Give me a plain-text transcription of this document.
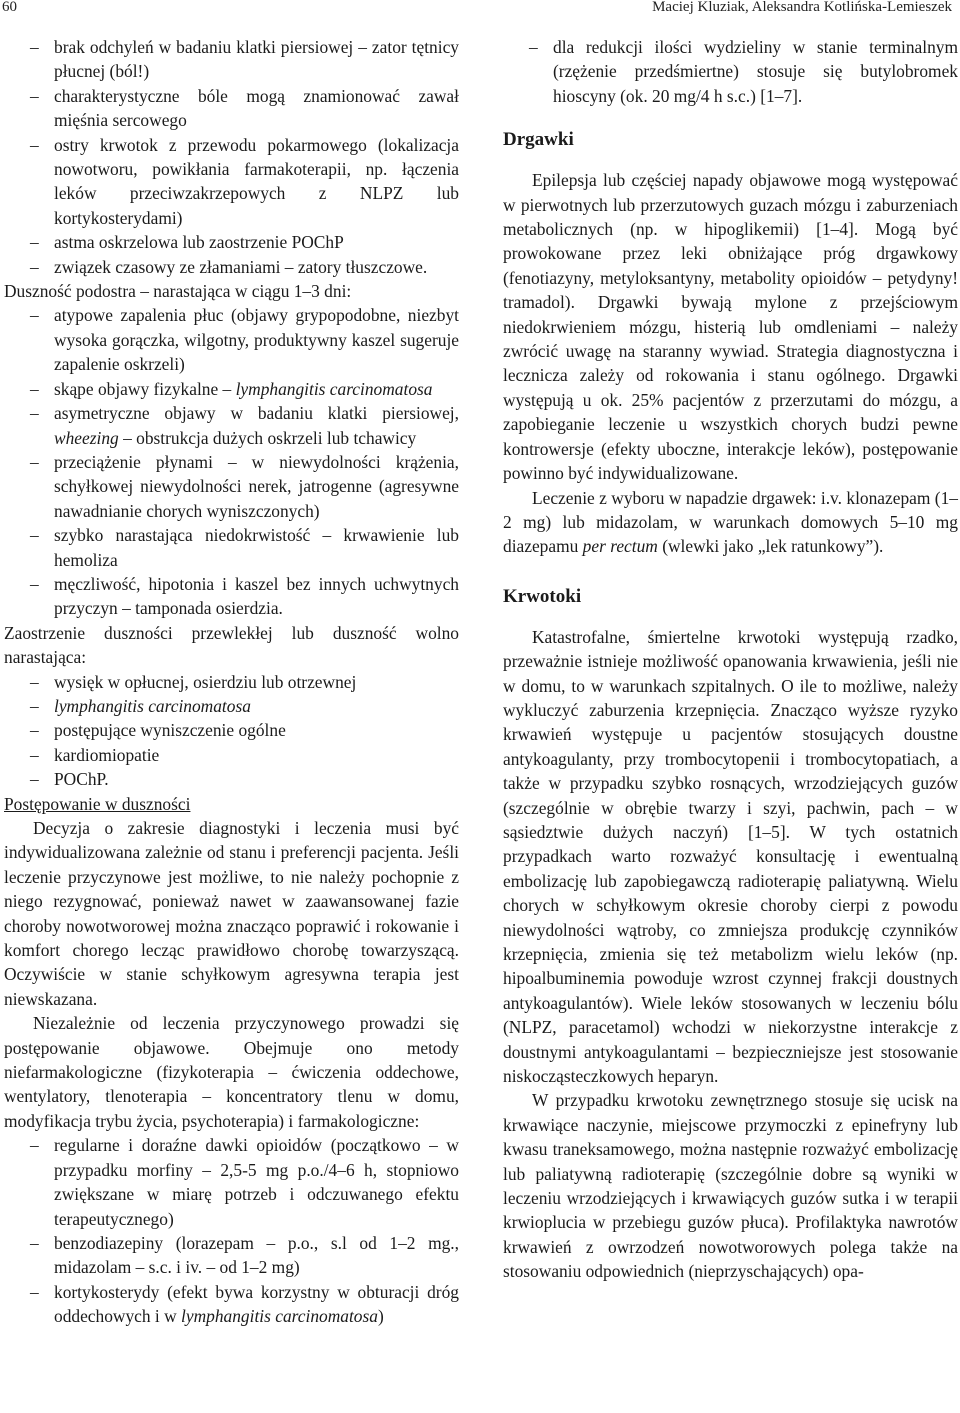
60	Maciej Kluziak, Aleksandra Kotlińska-Lemieszek

– brak odchyleń w badaniu klatki piersiowej – zator tętnicy płucnej (ból!)

– charakterystyczne bóle mogą znamionować zawał mięśnia sercowego

– ostry krwotok z przewodu pokarmowego (lokalizacja nowotworu, powikłania farmakoterapii, np. łączenia leków przeciwzakrzepowych z NLPZ lub kortykosterydami)

– astma oskrzelowa lub zaostrzenie POChP

– związek czasowy ze złamaniami – zatory tłuszczowe.

Duszność podostra – narastająca w ciągu 1–3 dni:

– atypowe zapalenia płuc (objawy grypopodobne, niezbyt wysoka gorączka, wilgotny, produktywny kaszel sugeruje zapalenie oskrzeli)

– skąpe objawy fizykalne – lymphangitis carcinomatosa

– asymetryczne objawy w badaniu klatki piersiowej, wheezing – obstrukcja dużych oskrzeli lub tchawicy

– przeciążenie płynami – w niewydolności krążenia, schyłkowej niewydolności nerek, jatrogenne (agresywne nawadnianie chorych wyniszczonych)

– szybko narastająca niedokrwistość – krwawienie lub hemoliza

– męczliwość, hipotonia i kaszel bez innych uchwytnych przyczyn – tamponada osierdzia.

Zaostrzenie duszności przewlekłej lub duszność wolno narastająca:

– wysięk w opłucnej, osierdziu lub otrzewnej

– lymphangitis carcinomatosa

– postępujące wyniszczenie ogólne

– kardiomiopatie

– POChP.

Postępowanie w duszności

Decyzja o zakresie diagnostyki i leczenia musi być indywidualizowana zależnie od stanu i preferencji pacjenta. Jeśli leczenie przyczynowe jest możliwe, to nie należy pochopnie z niego rezygnować, ponieważ nawet w zaawansowanej fazie choroby nowotworowej można znacząco poprawić i rokowanie i komfort chorego lecząc prawidłowo chorobę towarzyszącą. Oczywiście w stanie schyłkowym agresywna terapia jest niewskazana.

Niezależnie od leczenia przyczynowego prowadzi się postępowanie objawowe. Obejmuje ono metody niefarmakologiczne (fizykoterapia – ćwiczenia oddechowe, wentylatory, tlenoterapia – koncentratory tlenu w domu, modyfikacja trybu życia, psychoterapia) i farmakologiczne:

– regularne i doraźne dawki opioidów (początkowo – w przypadku morfiny – 2,5-5 mg p.o./4–6 h, stopniowo zwiększane w miarę potrzeb i odczuwanego efektu terapeutycznego)

– benzodiazepiny (lorazepam – p.o., s.l od 1–2 mg., midazolam – s.c. i iv. – od 1–2 mg)

– kortykosterydy (efekt bywa korzystny w obturacji dróg oddechowych i w lymphangitis carcinomatosa)

– dla redukcji ilości wydzieliny w stanie terminalnym (rzężenie przedśmiertne) stosuje się butylobromek hioscyny (ok. 20 mg/4 h s.c.) [1–7].

Drgawki

Epilepsja lub częściej napady objawowe mogą występować w pierwotnych lub przerzutowych guzach mózgu i zaburzeniach metabolicznych (np. w hipoglikemii) [1–4]. Mogą być prowokowane przez leki obniżające próg drgawkowy (fenotiazyny, metyloksantyny, metabolity opioidów – petydyny! tramadol). Drgawki bywają mylone z przejściowym niedokrwieniem mózgu, histerią lub omdleniami – należy zwrócić uwagę na staranny wywiad. Strategia diagnostyczna i lecznicza zależy od rokowania i stanu ogólnego. Drgawki występują u ok. 25% pacjentów z przerzutami do mózgu, a zapobieganie leczenie u wszystkich chorych budzi pewne kontrowersje (efekty uboczne, interakcje leków), postępowanie powinno być indywidualizowane.

Leczenie z wyboru w napadzie drgawek: i.v. klonazepam (1–2 mg) lub midazolam, w warunkach domowych 5–10 mg diazepamu per rectum (wlewki jako „lek ratunkowy”).

Krwotoki

Katastrofalne, śmiertelne krwotoki występują rzadko, przeważnie istnieje możliwość opanowania krwawienia, jeśli nie w domu, to w warunkach szpitalnych. O ile to możliwe, należy wykluczyć zaburzenia krzepnięcia. Znacząco wyższe ryzyko krwawień występuje u pacjentów stosujących doustne antykoagulanty, przy trombocytopenii i trombocytopatiach, a także w przypadku szybko rosnących, wrzodziejących guzów (szczególnie w obrębie twarzy i szyi, pachwin, pach – w sąsiedztwie dużych naczyń) [1–5]. W tych ostatnich przypadkach warto rozważyć konsultację i ewentualną embolizację lub zapobiegawczą radioterapię paliatywną. Wielu chorych w schyłkowym okresie choroby cierpi z powodu niewydolności wątroby, co zmniejsza produkcję czynników krzepnięcia, zmienia się też metabolizm wielu leków (np. hipoalbuminemia powoduje wzrost czynnej frakcji doustnych antykoagulantów). Wiele leków stosowanych w leczeniu bólu (NLPZ, paracetamol) wchodzi w niekorzystne interakcje z doustnymi antykoagulantami – bezpieczniejsze jest stosowanie niskocząsteczkowych heparyn.

W przypadku krwotoku zewnętrznego stosuje się ucisk na krwawiące naczynie, miejscowe przymoczki z epinefryny lub kwasu traneksamowego, można następnie rozważyć embolizację lub paliatywną radioterapię (szczególnie dobre są wyniki w leczeniu wrzodziejących i krwawiących guzów sutka i w terapii krwioplucia w przebiegu guzów płuca). Profilaktyka nawrotów krwawień z owrzodzeń nowotworowych polega także na stosowaniu odpowiednich (nieprzyschających) opa-
